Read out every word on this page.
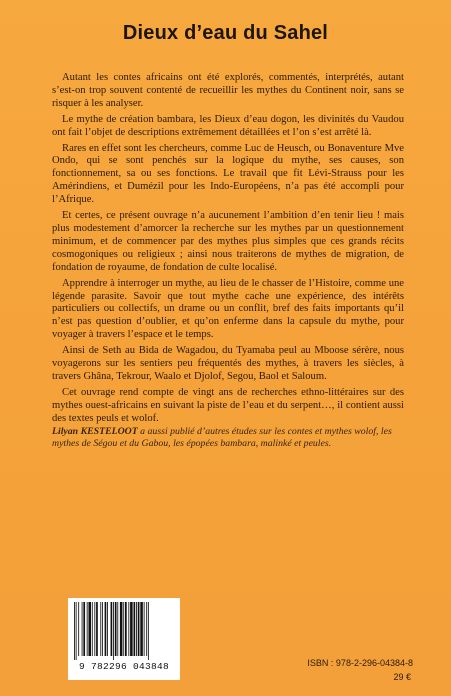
Dieux d’eau du Sahel

Autant les contes africains ont été explorés, commentés, interprétés, autant s’est-on trop souvent contenté de recueillir les mythes du Continent noir, sans se risquer à les analyser.

Le mythe de création bambara, les Dieux d’eau dogon, les divinités du Vaudou ont fait l’objet de descriptions extrêmement détaillées et l’on s’est arrêté là.

Rares en effet sont les chercheurs, comme Luc de Heusch, ou Bonaventure Mve Ondo, qui se sont penchés sur la logique du mythe, ses causes, son fonctionnement, sa ou ses fonctions. Le travail que fit Lévi-Strauss pour les Amérindiens, et Dumézil pour les Indo-Européens, n’a pas été accompli pour l’Afrique.

Et certes, ce présent ouvrage n’a aucunement l’ambition d’en tenir lieu ! mais plus modestement d’amorcer la recherche sur les mythes par un questionnement minimum, et de commencer par des mythes plus simples que ces grands récits cosmogoniques ou religieux ; ainsi nous traiterons de mythes de migration, de fondation de royaume, de fondation de culte localisé.

Apprendre à interroger un mythe, au lieu de le chasser de l’Histoire, comme une légende parasite. Savoir que tout mythe cache une expérience, des intérêts particuliers ou collectifs, un drame ou un conflit, bref des faits importants qu’il n’est pas question d’oublier, et qu’on enferme dans la capsule du mythe, pour voyager à travers l’espace et le temps.

Ainsi de Seth au Bida de Wagadou, du Tyamaba peul au Mboose sérère, nous voyagerons sur les sentiers peu fréquentés des mythes, à travers les siècles, à travers Ghâna, Tekrour, Waalo et Djolof, Segou, Baol et Saloum.

Cet ouvrage rend compte de vingt ans de recherches ethno-littéraires sur des mythes ouest-africains en suivant la piste de l’eau et du serpent…, il contient aussi des textes peuls et wolof.

Lilyan KESTELOOT a aussi publié d’autres études sur les contes et mythes wolof, les mythes de Ségou et du Gabou, les épopées bambara, malinké et peules.
9 782296 043848	ISBN : 978-2-296-04384-8
29 €
